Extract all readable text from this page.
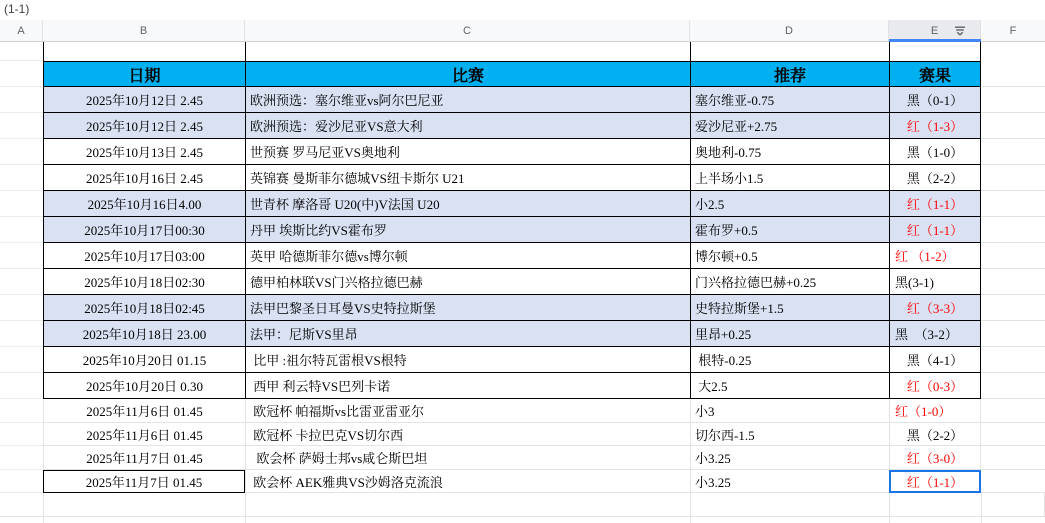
(1-1)
A	B	C	D	E	F
日期	比赛	推荐	赛果
2025年10月12日 2.45	欧洲预选：塞尔维亚vs阿尔巴尼亚	塞尔维亚-0.75	黑（0-1）
2025年10月12日 2.45	欧洲预选：爱沙尼亚VS意大利	爱沙尼亚+2.75	红（1-3）
2025年10月13日 2.45	世预赛 罗马尼亚VS奥地利	奥地利-0.75	黑（1-0）
2025年10月16日 2.45	英锦赛 曼斯菲尔德城VS纽卡斯尔 U21	上半场小1.5	黑（2-2）
2025年10月16日4.00	世青杯 摩洛哥 U20(中)V法国 U20	小2.5	红（1-1）
2025年10月17日00:30	丹甲 埃斯比约VS霍布罗	霍布罗+0.5	红（1-1）
2025年10月17日03:00	英甲 哈德斯菲尔德vs博尔顿	博尔顿+0.5	红 （1-2）
2025年10月18日02:30	德甲柏林联VS门兴格拉德巴赫	门兴格拉德巴赫+0.25	黑(3-1)
2025年10月18日02:45	法甲巴黎圣日耳曼VS史特拉斯堡	史特拉斯堡+1.5	红（3-3）
2025年10月18日 23.00	法甲：尼斯VS里昂	里昂+0.25	黑  （3-2）
2025年10月20日 01.15	比甲 :祖尔特瓦雷根VS根特	根特-0.25	黑（4-1）
2025年10月20日 0.30	西甲 利云特VS巴列卡诺	大2.5	红（0-3）
2025年11月6日 01.45	欧冠杯 帕福斯vs比雷亚雷亚尔	小3	红（1-0）
2025年11月6日 01.45	欧冠杯 卡拉巴克VS切尔西	切尔西-1.5	黑（2-2）
2025年11月7日 01.45	欧会杯 萨姆士邦vs咸仑斯巴坦	小3.25	红（3-0）
2025年11月7日 01.45	欧会杯 AEK雅典VS沙姆洛克流浪	小3.25	红（1-1）
